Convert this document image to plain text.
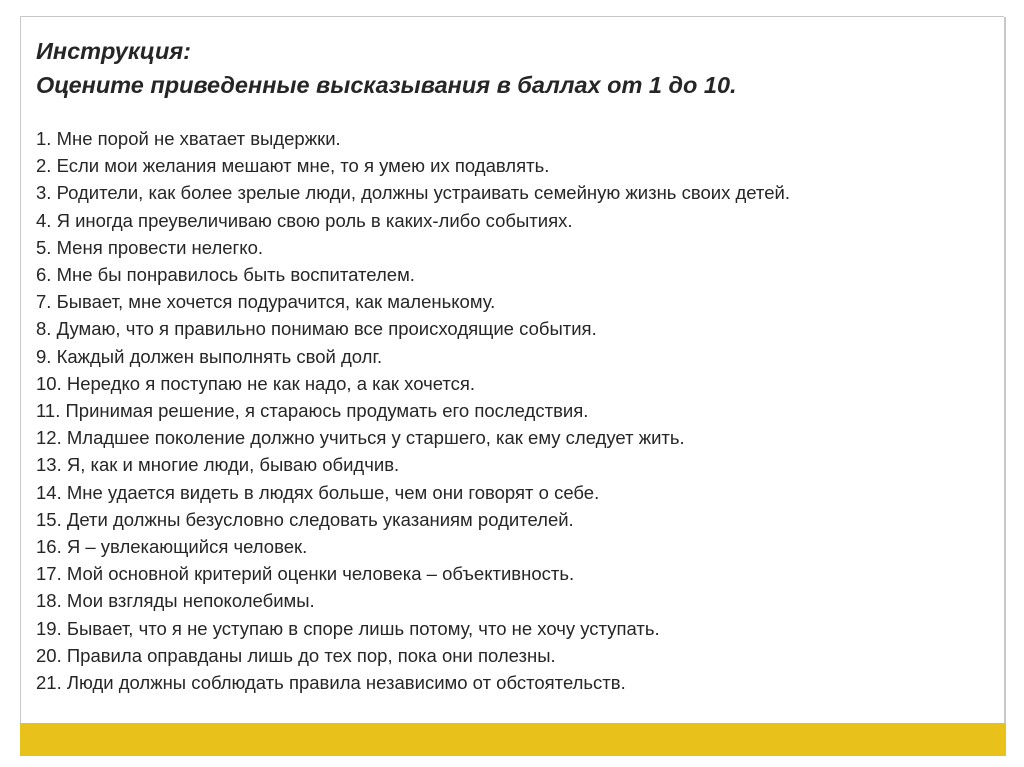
Инструкция:
Оцените приведенные высказывания в баллах от 1 до 10.
1. Мне порой не хватает выдержки.
2. Если мои желания мешают мне, то я умею их подавлять.
3. Родители, как более зрелые люди, должны устраивать семейную жизнь своих детей.
4. Я иногда преувеличиваю свою роль в каких-либо событиях.
5. Меня провести нелегко.
6. Мне бы понравилось быть воспитателем.
7. Бывает, мне хочется подурачится, как маленькому.
8. Думаю, что я правильно понимаю все происходящие события.
9. Каждый должен выполнять свой долг.
10. Нередко я поступаю не как надо, а как хочется.
11. Принимая решение, я стараюсь продумать его последствия.
12. Младшее поколение должно учиться у старшего, как ему следует жить.
13. Я, как и многие люди, бываю обидчив.
14. Мне удается видеть в людях больше, чем они говорят о себе.
15. Дети должны безусловно следовать указаниям родителей.
16. Я – увлекающийся человек.
17. Мой основной критерий оценки человека – объективность.
18. Мои взгляды непоколебимы.
19. Бывает, что я не уступаю в споре лишь потому, что не хочу уступать.
20. Правила оправданы лишь до тех пор, пока они полезны.
21. Люди должны соблюдать правила независимо от обстоятельств.
